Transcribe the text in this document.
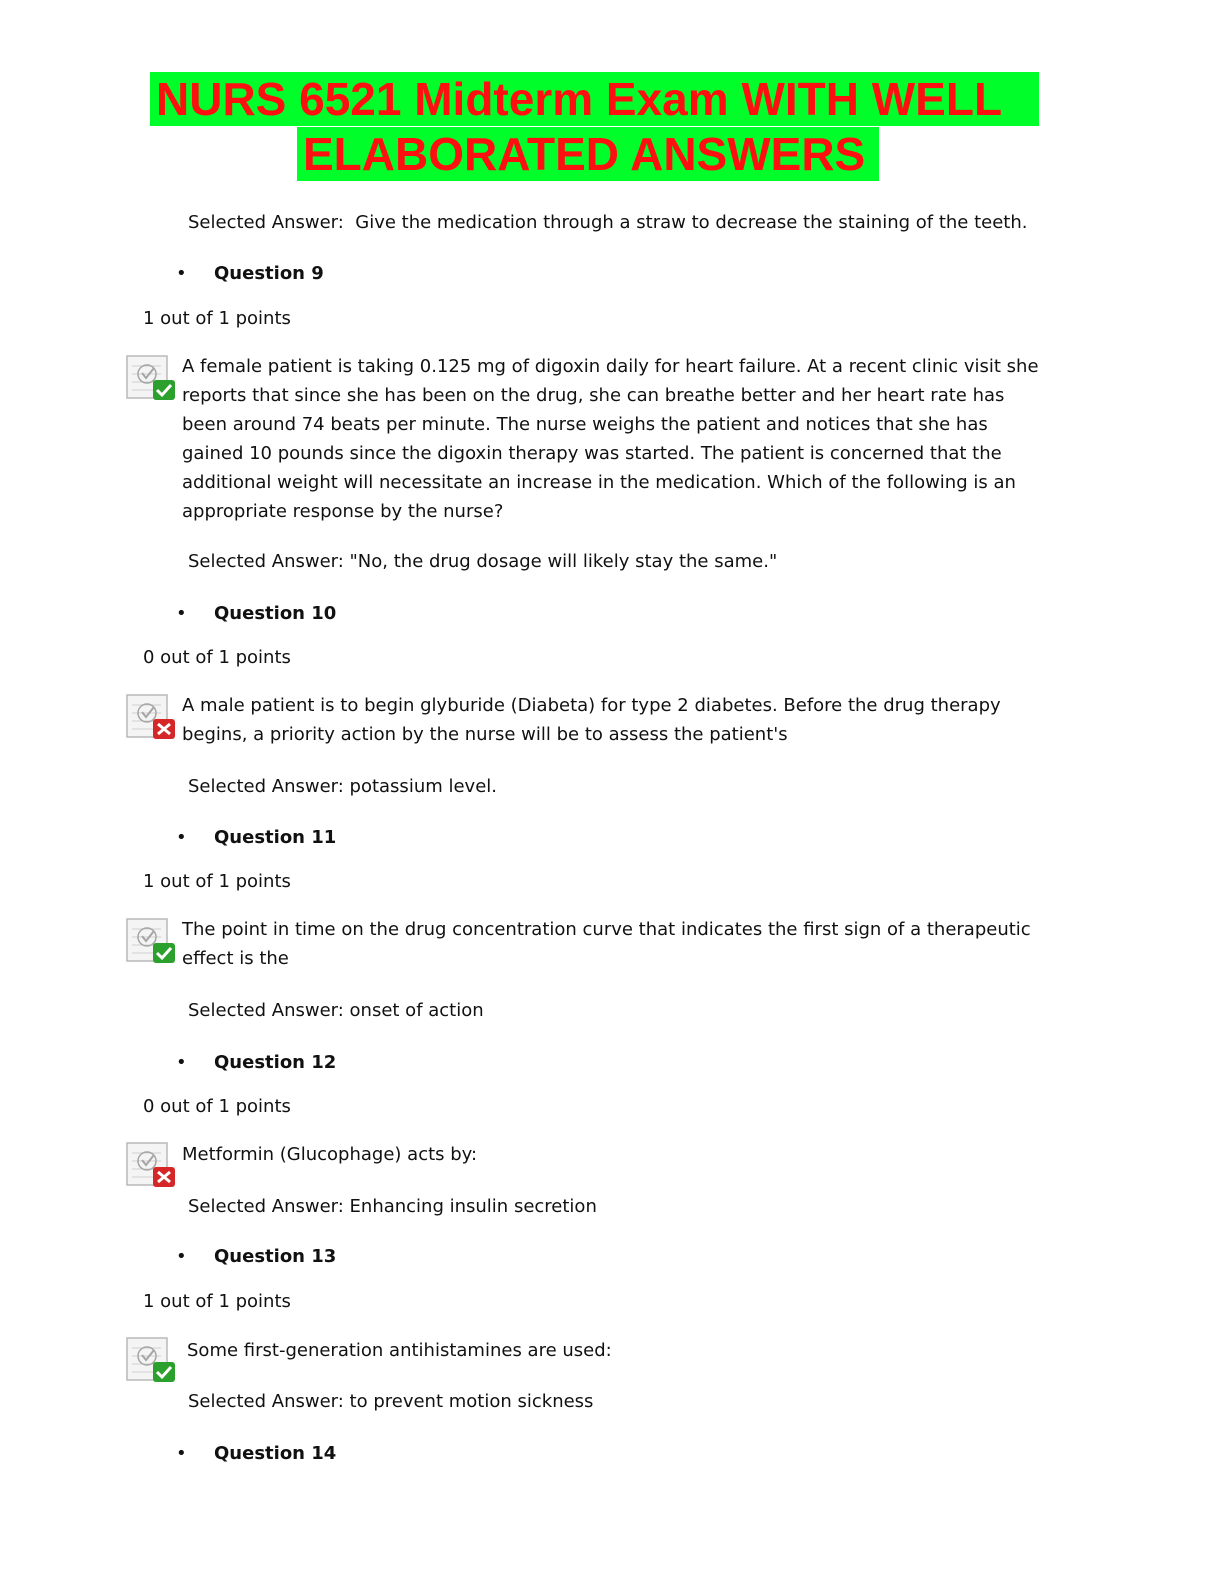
NURS 6521 Midterm Exam WITH WELL
ELABORATED ANSWERS
Selected Answer: Give the medication through a straw to decrease the staining of the teeth.
• Question 9
1 out of 1 points
A female patient is taking 0.125 mg of digoxin daily for heart failure. At a recent clinic visit she reports that since she has been on the drug, she can breathe better and her heart rate has been around 74 beats per minute. The nurse weighs the patient and notices that she has gained 10 pounds since the digoxin therapy was started. The patient is concerned that the additional weight will necessitate an increase in the medication. Which of the following is an appropriate response by the nurse?
Selected Answer: "No, the drug dosage will likely stay the same."
• Question 10
0 out of 1 points
A male patient is to begin glyburide (Diabeta) for type 2 diabetes. Before the drug therapy begins, a priority action by the nurse will be to assess the patient's
Selected Answer: potassium level.
• Question 11
1 out of 1 points
The point in time on the drug concentration curve that indicates the first sign of a therapeutic effect is the
Selected Answer: onset of action
• Question 12
0 out of 1 points
Metformin (Glucophage) acts by:
Selected Answer: Enhancing insulin secretion
• Question 13
1 out of 1 points
Some first-generation antihistamines are used:
Selected Answer: to prevent motion sickness
• Question 14
